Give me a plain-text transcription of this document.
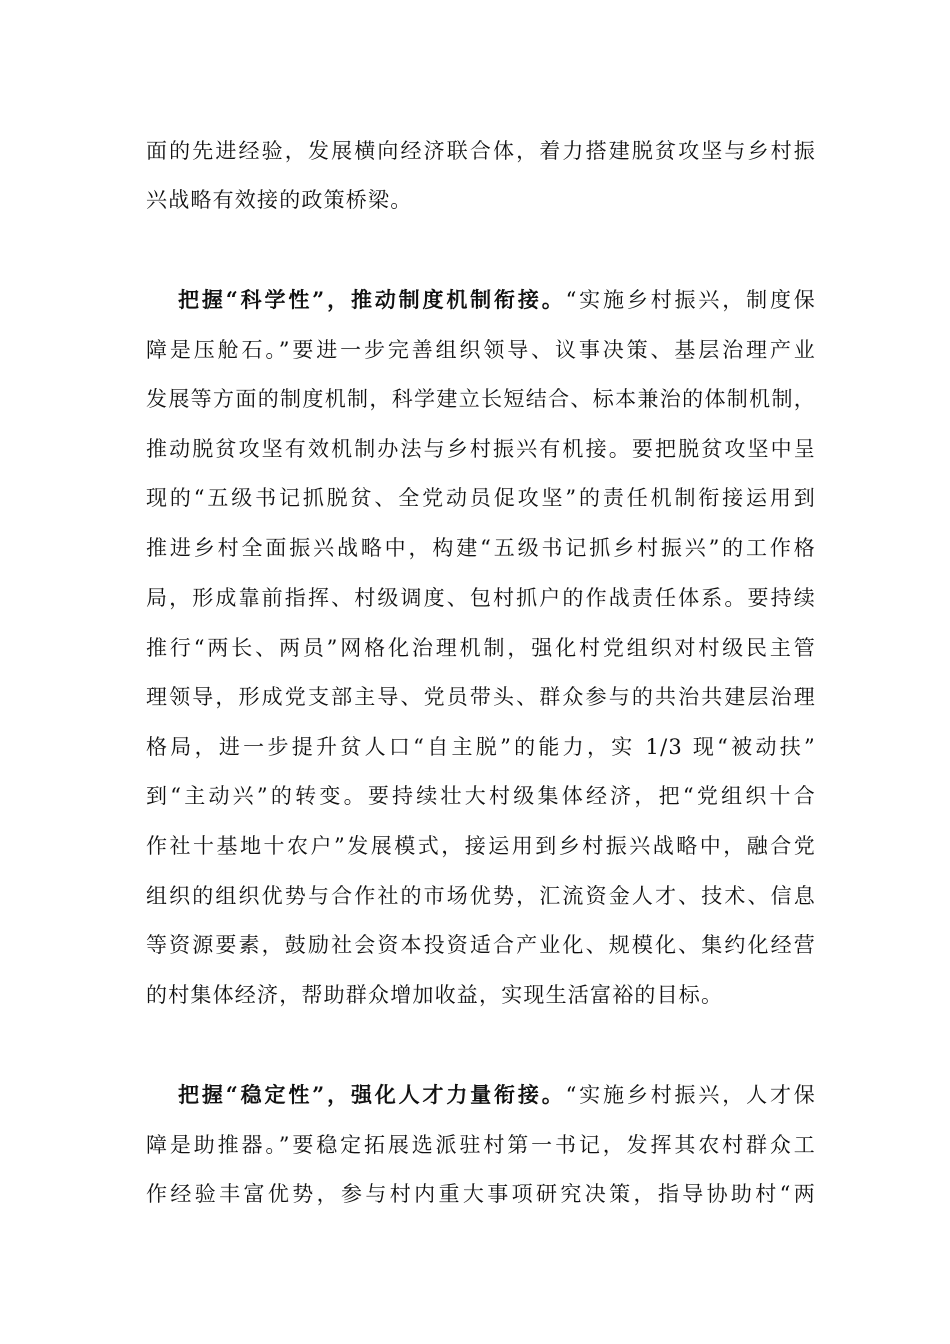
面的先进经验，发展横向经济联合体，着力搭建脱贫攻坚与乡村振
兴战略有效接的政策桥梁。
把握“科学性”，推动制度机制衔接。“实施乡村振兴，制度保
障是压舱石。”要进一步完善组织领导、议事决策、基层治理产业
发展等方面的制度机制，科学建立长短结合、标本兼治的体制机制，
推动脱贫攻坚有效机制办法与乡村振兴有机接。要把脱贫攻坚中呈
现的“五级书记抓脱贫、全党动员促攻坚”的责任机制衔接运用到
推进乡村全面振兴战略中，构建“五级书记抓乡村振兴”的工作格
局，形成靠前指挥、村级调度、包村抓户的作战责任体系。要持续
推行“两长、两员”网格化治理机制，强化村党组织对村级民主管
理领导，形成党支部主导、党员带头、群众参与的共治共建层治理
格局，进一步提升贫人口“自主脱”的能力，实 1/3 现“被动扶”
到“主动兴”的转变。要持续壮大村级集体经济，把“党组织十合
作社十基地十农户”发展模式，接运用到乡村振兴战略中，融合党
组织的组织优势与合作社的市场优势，汇流资金人才、技术、信息
等资源要素，鼓励社会资本投资适合产业化、规模化、集约化经营
的村集体经济，帮助群众增加收益，实现生活富裕的目标。
把握“稳定性”，强化人才力量衔接。“实施乡村振兴，人才保
障是助推器。”要稳定拓展选派驻村第一书记，发挥其农村群众工
作经验丰富优势，参与村内重大事项研究决策，指导协助村“两
